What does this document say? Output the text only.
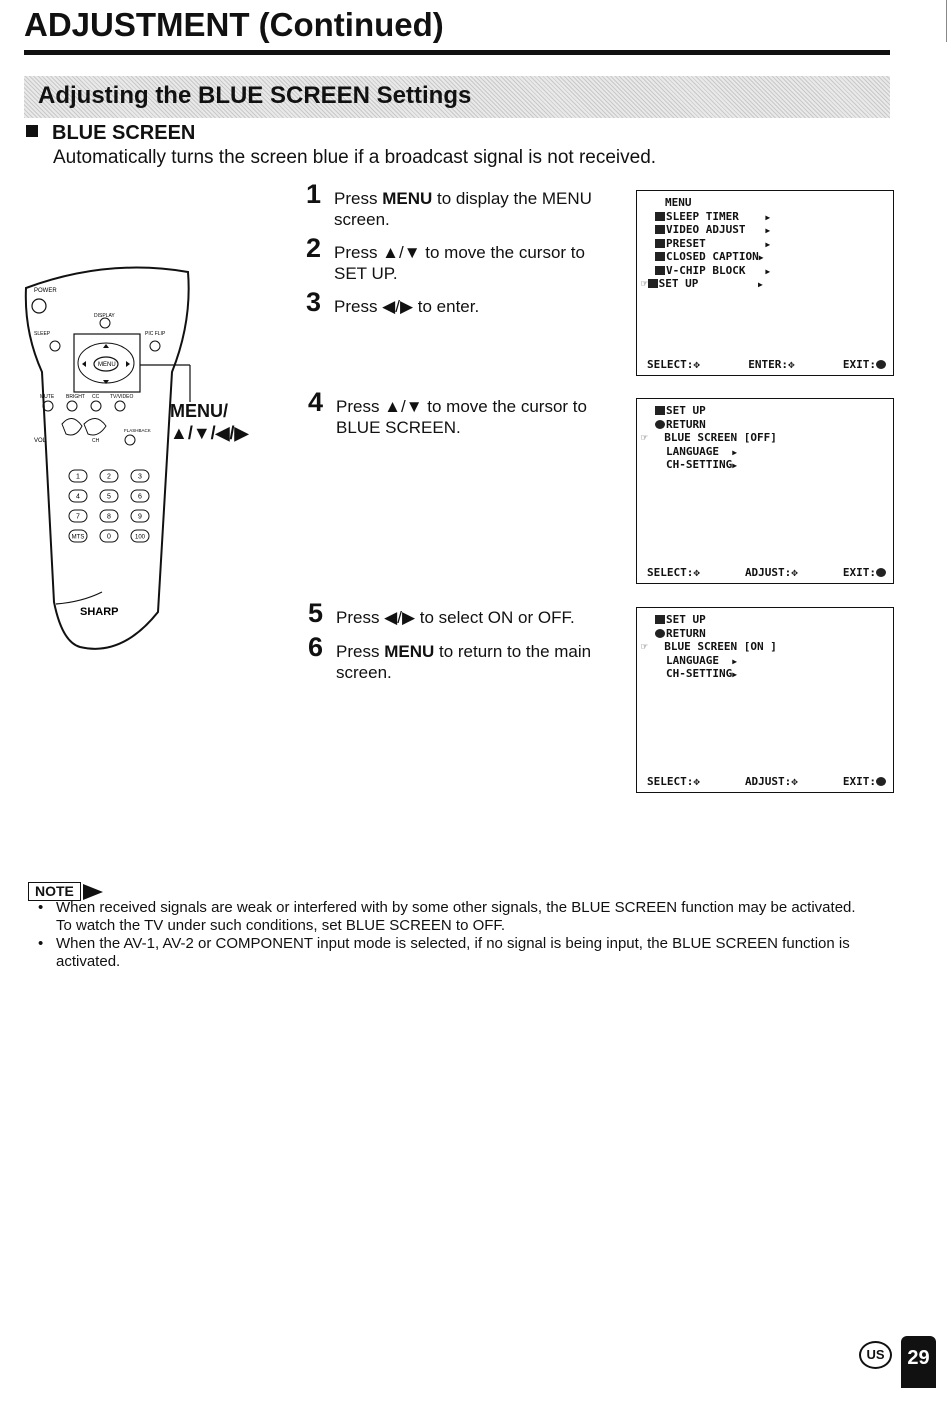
ADJUSTMENT (Continued)
Adjusting the BLUE SCREEN Settings
BLUE SCREEN
Automatically turns the screen blue if a broadcast signal is not received.
1 Press MENU to display the MENU screen.
2 Press ▲/▼ to move the cursor to SET UP.
3 Press ◀/▶ to enter.
4 Press ▲/▼ to move the cursor to BLUE SCREEN.
5 Press ◀/▶ to select ON or OFF.
6 Press MENU to return to the main screen.
MENU
SLEEP TIMER	▶
VIDEO ADJUST ▶
PRESET	▶
CLOSED CAPTION▶
V-CHIP BLOCK ▶
☞ SET UP	▶
SELECT:✥	ENTER:✥	EXIT:
SET UP
RETURN
☞ BLUE SCREEN [OFF]
LANGUAGE ▶
CH-SETTING▶
SELECT:✥	ADJUST:✥	EXIT:
SET UP
RETURN
☞ BLUE SCREEN [ON ]
LANGUAGE ▶
CH-SETTING▶
SELECT:✥	ADJUST:✥	EXIT:
POWER
DISPLAY
SLEEP	PIC FLIP
MENU
MUTE BRIGHT CC TV/VIDEO
VOL	CH
FLASHBACK
1	2	3
4	5	6
7	8	9
MTS	0	100
SHARP
MENU/
▲/▼/◀/▶
NOTE
• When received signals are weak or interfered with by some other signals, the BLUE SCREEN function may be activated. To watch the TV under such conditions, set BLUE SCREEN to OFF.
• When the AV-1, AV-2 or COMPONENT input mode is selected, if no signal is being input, the BLUE SCREEN function is activated.
US	29
